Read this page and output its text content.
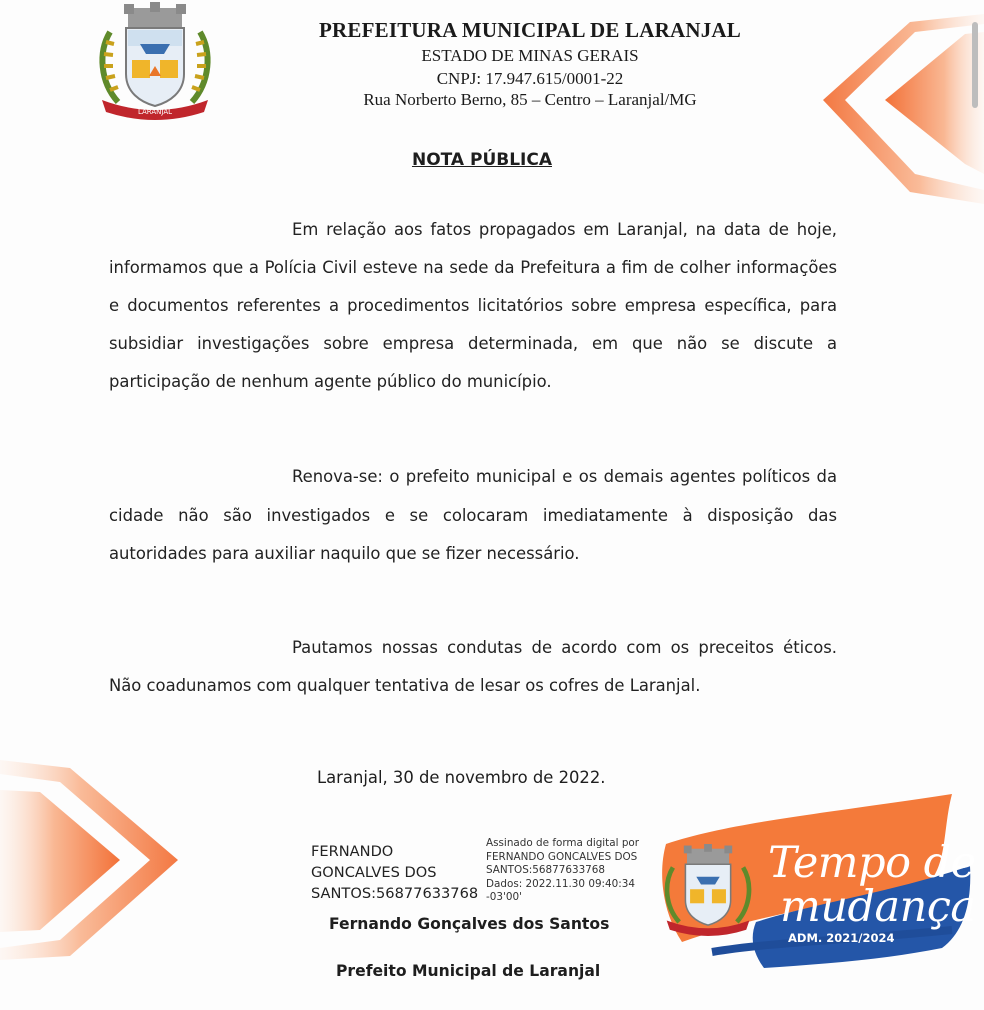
LARANJAL
PREFEITURA MUNICIPAL DE LARANJAL
ESTADO DE MINAS GERAIS
CNPJ: 17.947.615/0001-22
Rua Norberto Berno, 85 – Centro – Laranjal/MG
NOTA PÚBLICA
Em relação aos fatos propagados em Laranjal, na data de hoje, informamos que a Polícia Civil esteve na sede da Prefeitura a fim de colher informações e documentos referentes a procedimentos licitatórios sobre empresa específica, para subsidiar investigações sobre empresa determinada, em que não se discute a participação de nenhum agente público do município.
Renova-se: o prefeito municipal e os demais agentes políticos da cidade não são investigados e se colocaram imediatamente à disposição das autoridades para auxiliar naquilo que se fizer necessário.
Pautamos nossas condutas de acordo com os preceitos éticos. Não coadunamos com qualquer tentativa de lesar os cofres de Laranjal.
Laranjal, 30 de novembro de 2022.
FERNANDO
GONCALVES DOS
SANTOS:56877633768
Assinado de forma digital por
FERNANDO GONCALVES DOS
SANTOS:56877633768
Dados: 2022.11.30 09:40:34
-03'00'
Fernando Gonçalves dos Santos
Prefeito Municipal de Laranjal
Tempo de
mudança
ADM. 2021/2024
